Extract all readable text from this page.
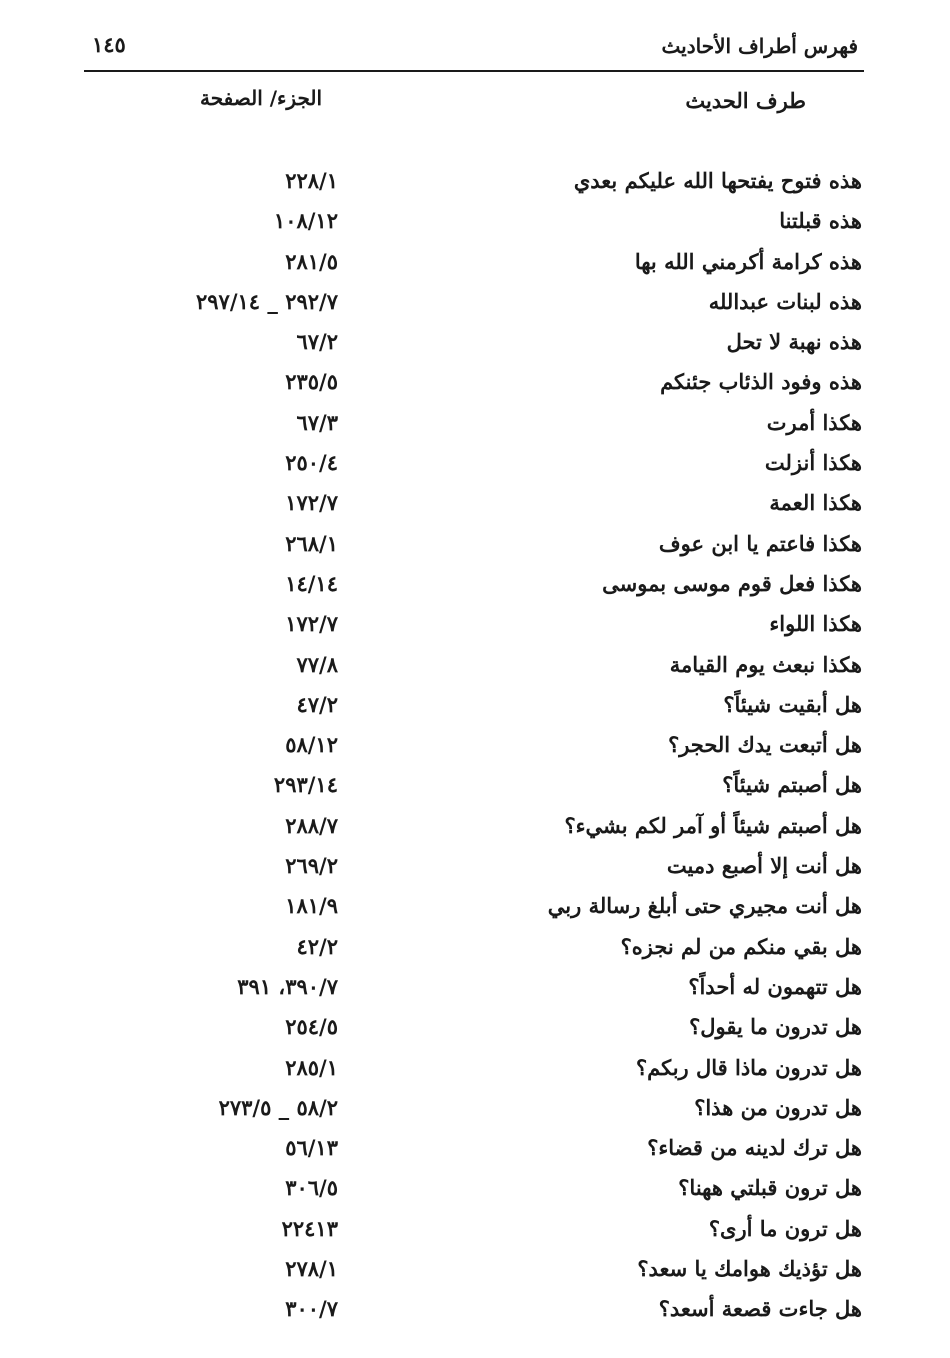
فهرس أطراف الأحاديث
١٤٥
طرف الحديث
الجزء/ الصفحة
هذه فتوح يفتحها الله عليكم بعدي
٢٢٨/١
هذه قبلتنا
١٠٨/١٢
هذه كرامة أكرمني الله بها
٢٨١/٥
هذه لبنات عبدالله
٢٩٢/٧ _ ٢٩٧/١٤
هذه نهبة لا تحل
٦٧/٢
هذه وفود الذئاب جئنكم
٢٣٥/٥
هكذا أمرت
٦٧/٣
هكذا أنزلت
٢٥٠/٤
هكذا العمة
١٧٢/٧
هكذا فاعتم يا ابن عوف
٢٦٨/١
هكذا فعل قوم موسى بموسى
١٤/١٤
هكذا اللواء
١٧٢/٧
هكذا نبعث يوم القيامة
٧٧/٨
هل أبقيت شيئاً؟
٤٧/٢
هل أتبعت يدك الحجر؟
٥٨/١٢
هل أصبتم شيئاً؟
٢٩٣/١٤
هل أصبتم شيئاً أو آمر لكم بشيء؟
٢٨٨/٧
هل أنت إلا أصبع دميت
٢٦٩/٢
هل أنت مجيري حتى أبلغ رسالة ربي
١٨١/٩
هل بقي منكم من لم نجزه؟
٤٢/٢
هل تتهمون له أحداً؟
٣٩٠/٧، ٣٩١
هل تدرون ما يقول؟
٢٥٤/٥
هل تدرون ماذا قال ربكم؟
٢٨٥/١
هل تدرون من هذا؟
٥٨/٢ _ ٢٧٣/٥
هل ترك لدينه من قضاء؟
٥٦/١٣
هل ترون قبلتي ههنا؟
٣٠٦/٥
هل ترون ما أرى؟
٢٢٤١٣
هل تؤذيك هوامك يا سعد؟
٢٧٨/١
هل جاءت قصعة أسعد؟
٣٠٠/٧
